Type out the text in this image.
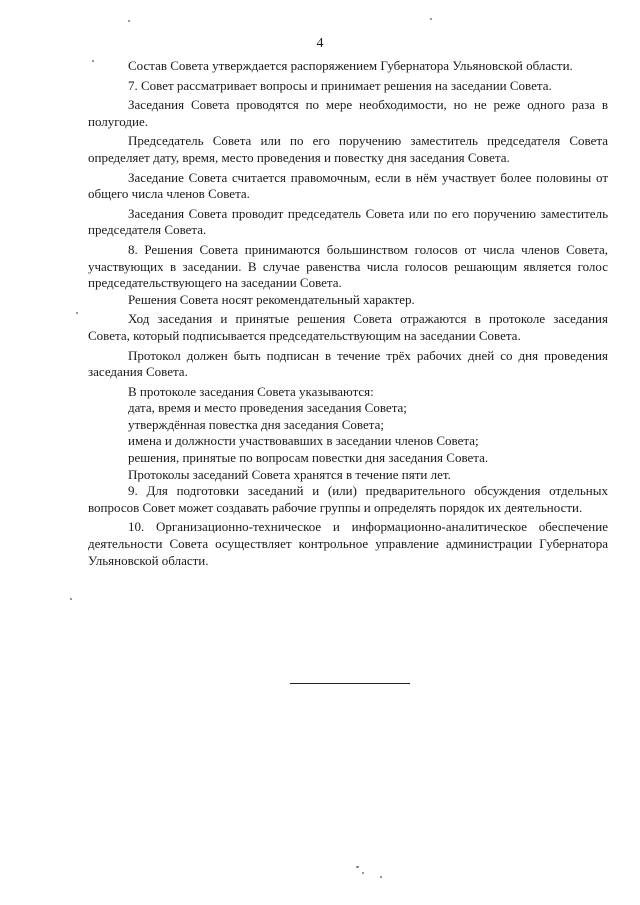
4

Состав Совета утверждается распоряжением Губернатора Ульяновской области.

7. Совет рассматривает вопросы и принимает решения на заседании Совета.

Заседания Совета проводятся по мере необходимости, но не реже одного раза в полугодие.

Председатель Совета или по его поручению заместитель председателя Совета определяет дату, время, место проведения и повестку дня заседания Совета.

Заседание Совета считается правомочным, если в нём участвует более половины от общего числа членов Совета.

Заседания Совета проводит председатель Совета или по его поручению заместитель председателя Совета.

8. Решения Совета принимаются большинством голосов от числа членов Совета, участвующих в заседании. В случае равенства числа голосов решающим является голос председательствующего на заседании Совета.

Решения Совета носят рекомендательный характер.

Ход заседания и принятые решения Совета отражаются в протоколе заседания Совета, который подписывается председательствующим на заседании Совета.

Протокол должен быть подписан в течение трёх рабочих дней со дня проведения заседания Совета.

В протоколе заседания Совета указываются:

дата, время и место проведения заседания Совета;

утверждённая повестка дня заседания Совета;

имена и должности участвовавших в заседании членов Совета;

решения, принятые по вопросам повестки дня заседания Совета.

Протоколы заседаний Совета хранятся в течение пяти лет.

9. Для подготовки заседаний и (или) предварительного обсуждения отдельных вопросов Совет может создавать рабочие группы и определять порядок их деятельности.

10. Организационно-техническое и информационно-аналитическое обеспечение деятельности Совета осуществляет контрольное управление администрации Губернатора Ульяновской области.
